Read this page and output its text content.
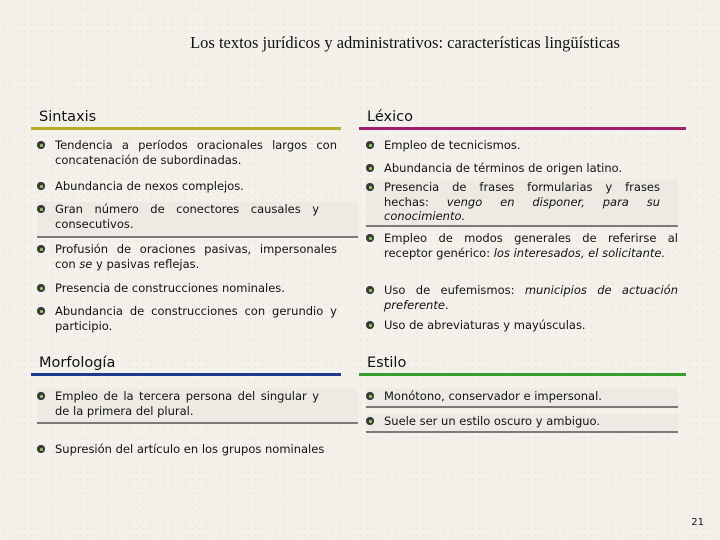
Los textos jurídicos y administrativos: características lingüísticas
Sintaxis
Tendencia a períodos oracionales largos con concatenación de subordinadas.
Abundancia de nexos complejos.
Gran número de conectores causales y consecutivos.
Profusión de oraciones pasivas, impersonales con se y pasivas reflejas.
Presencia de construcciones nominales.
Abundancia de construcciones con gerundio y participio.
Léxico
Empleo de tecnicismos.
Abundancia de términos de origen latino.
Presencia de frases formularias y frases hechas: vengo en disponer, para su conocimiento.
Empleo de modos generales de referirse al receptor genérico: los interesados, el solicitante.
Uso de eufemismos: municipios de actuación preferente.
Uso de abreviaturas y mayúsculas.
Morfología
Empleo de la tercera persona del singular y de la primera del plural.
Supresión del artículo en los grupos nominales
Estilo
Monótono, conservador e impersonal.
Suele ser un estilo oscuro y ambiguo.
21
